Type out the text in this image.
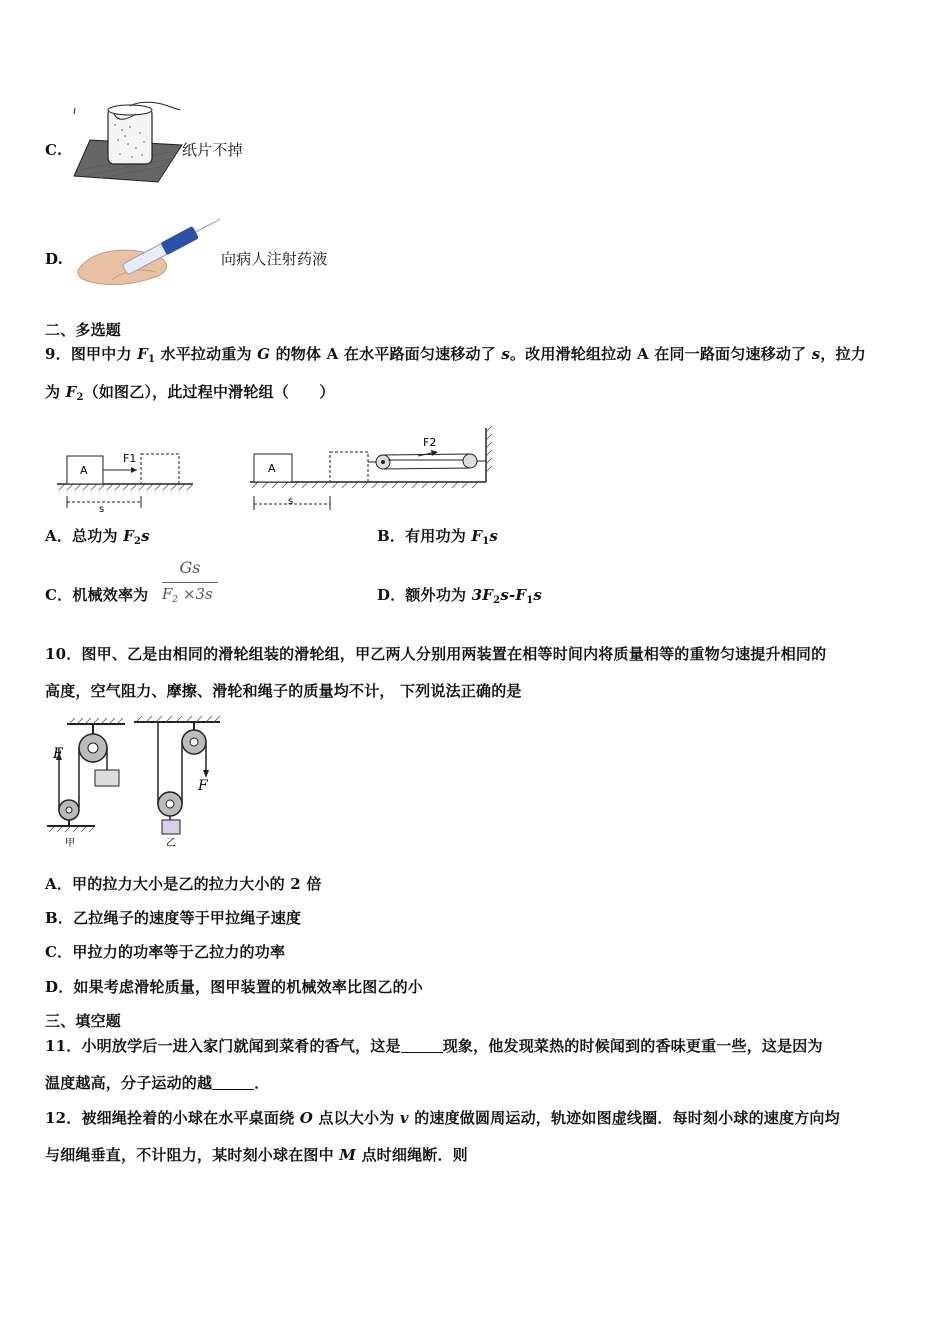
C.	纸片不掉
D.	向病人注射药液
二、多选题
9．图甲中力 $F_1$ 水平拉动重为 G 的物体 A 在水平路面匀速移动了 s。改用滑轮组拉动 A 在同一路面匀速移动了 s，拉力
为 $F_2$（如图乙），此过程中滑轮组（　　）
A
F1
s
A
F2
s
A．总功为 $F_2s$	B．有用功为 $F_1s$
C．机械效率为
Gs
$F_2 \times 3s$	D．额外功为 $3F_2s-F_1s$
10．图甲、乙是由相同的滑轮组装的滑轮组，甲乙两人分别用两装置在相等时间内将质量相等的重物匀速提升相同的
高度，空气阻力、摩擦、滑轮和绳子的质量均不计， 下列说法正确的是
F
甲
F
乙
A．甲的拉力大小是乙的拉力大小的 2 倍
B．乙拉绳子的速度等于甲拉绳子速度
C．甲拉力的功率等于乙拉力的功率
D．如果考虑滑轮质量，图甲装置的机械效率比图乙的小
三、填空题
11．小明放学后一进入家门就闻到菜肴的香气，这是	现象，他发现菜热的时候闻到的香味更重一些，这是因为
温度越高，分子运动的越	．
12．被细绳拴着的小球在水平桌面绕 O 点以大小为 v 的速度做圆周运动，轨迹如图虚线圈．每时刻小球的速度方向均
与细绳垂直，不计阻力，某时刻小球在图中 M 点时细绳断．则
